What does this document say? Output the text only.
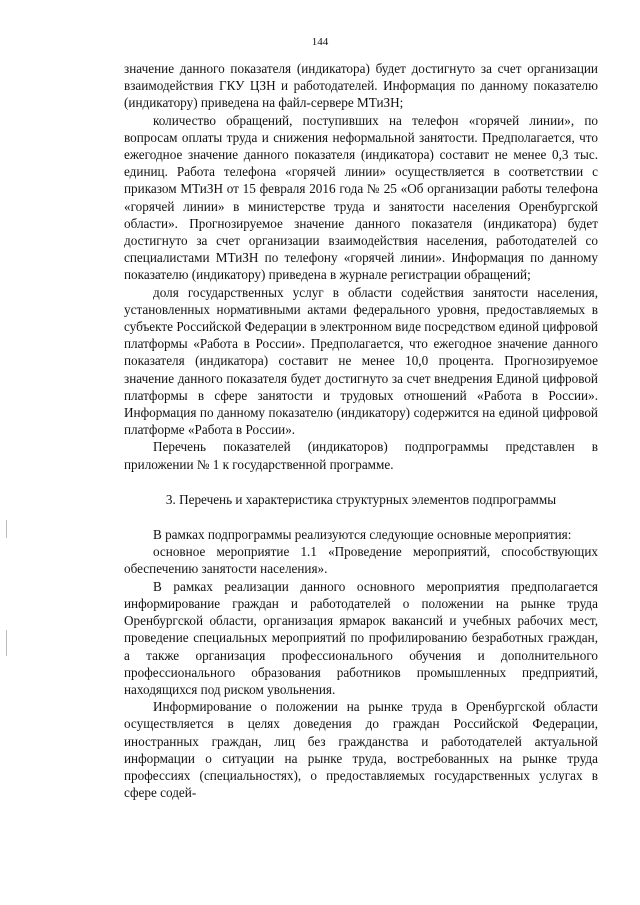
144

значение данного показателя (индикатора) будет достигнуто за счет организации взаимодействия ГКУ ЦЗН и работодателей. Информация по данному показателю (индикатору) приведена на файл-сервере МТиЗН;

количество обращений, поступивших на телефон «горячей линии», по вопросам оплаты труда и снижения неформальной занятости. Предполагается, что ежегодное значение данного показателя (индикатора) составит не менее 0,3 тыс. единиц. Работа телефона «горячей линии» осуществляется в соответствии с приказом МТиЗН от 15 февраля 2016 года № 25 «Об организации работы телефона «горячей линии» в министерстве труда и занятости населения Оренбургской области». Прогнозируемое значение данного показателя (индикатора) будет достигнуто за счет организации взаимодействия населения, работодателей со специалистами МТиЗН по телефону «горячей линии». Информация по данному показателю (индикатору) приведена в журнале регистрации обращений;

доля государственных услуг в области содействия занятости населения, установленных нормативными актами федерального уровня, предоставляемых в субъекте Российской Федерации в электронном виде посредством единой цифровой платформы «Работа в России». Предполагается, что ежегодное значение данного показателя (индикатора) составит не менее 10,0 процента. Прогнозируемое значение данного показателя будет достигнуто за счет внедрения Единой цифровой платформы в сфере занятости и трудовых отношений «Работа в России». Информация по данному показателю (индикатору) содержится на единой цифровой платформе «Работа в России».

Перечень показателей (индикаторов) подпрограммы представлен в приложении № 1 к государственной программе.

3. Перечень и характеристика структурных элементов подпрограммы

В рамках подпрограммы реализуются следующие основные мероприятия:

основное мероприятие 1.1 «Проведение мероприятий, способствующих обеспечению занятости населения».

В рамках реализации данного основного мероприятия предполагается информирование граждан и работодателей о положении на рынке труда Оренбургской области, организация ярмарок вакансий и учебных рабочих мест, проведение специальных мероприятий по профилированию безработных граждан, а также организация профессионального обучения и дополнительного профессионального образования работников промышленных предприятий, находящихся под риском увольнения.

Информирование о положении на рынке труда в Оренбургской области осуществляется в целях доведения до граждан Российской Федерации, иностранных граждан, лиц без гражданства и работодателей актуальной информации о ситуации на рынке труда, востребованных на рынке труда профессиях (специальностях), о предоставляемых государственных услугах в сфере содей-
